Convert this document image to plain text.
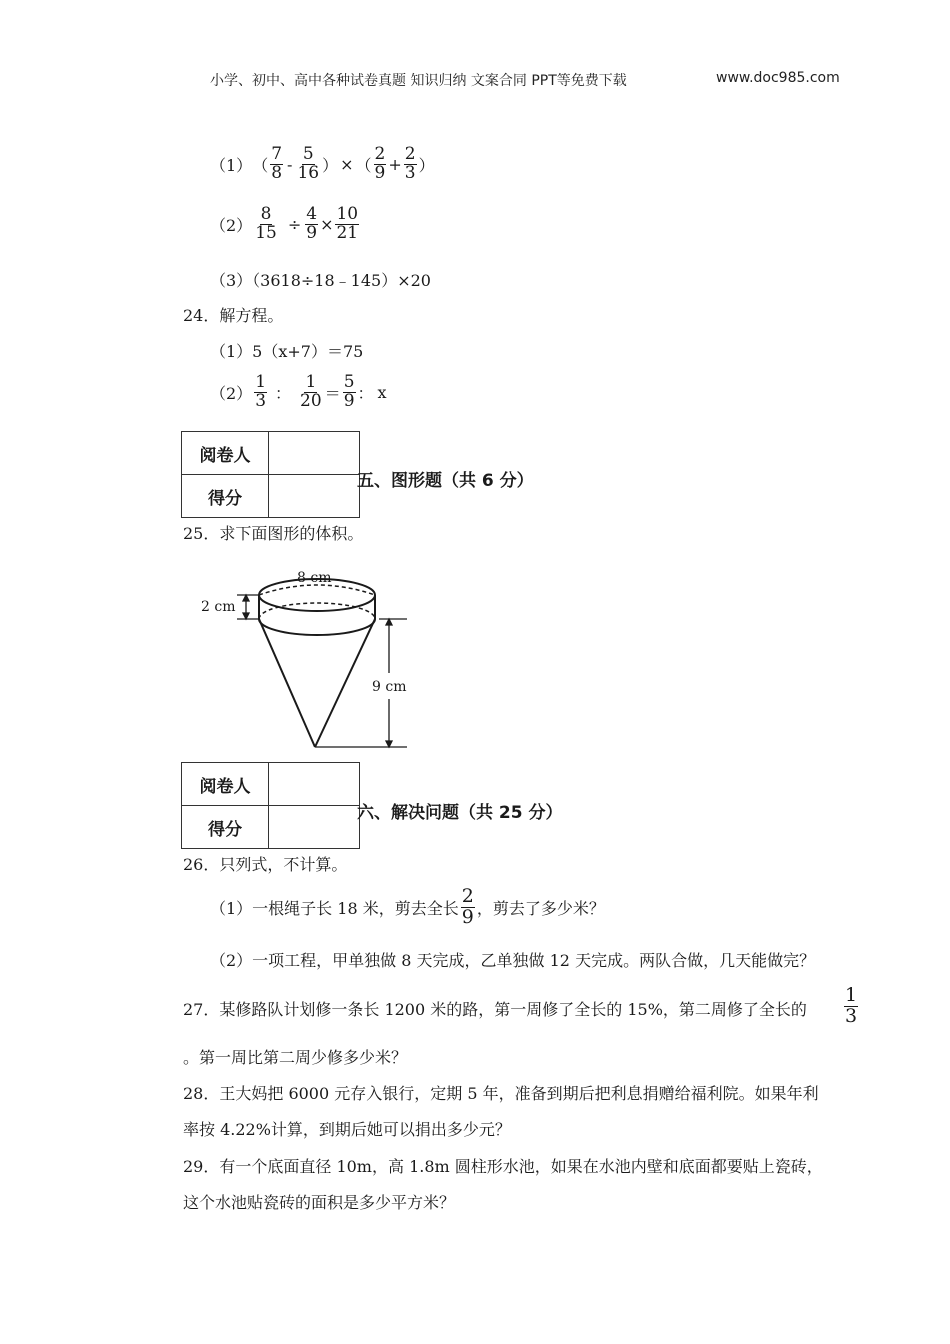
小学、初中、高中各种试卷真题 知识归纳 文案合同 PPT等免费下载	www.doc985.com
（1） （ $\frac{7}{8} - \frac{5}{16}$ ） × （ $\frac{2}{9} + \frac{2}{3}$ ）
$(2) \frac{8}{15} \div \frac{4}{9} \times \frac{10}{21}$
（3）（3618÷18﹣145）×20
24．解方程。
（1）5（x+7）＝75
$(2) \frac{1}{3}$ ： $\frac{1}{20} = \frac{5}{9}$ ： x
阅卷人	
得分	
五、图形题（共 6 分）
25．求下面图形的体积。
8 cm
2 cm
9 cm
阅卷人	
得分	
六、解决问题（共 25 分）
26．只列式，不计算。
（1）一根绳子长 18 米，剪去全长 $\frac{2}{9}$ ，剪去了多少米？
（2）一项工程，甲单独做 8 天完成，乙单独做 12 天完成。两队合做，几天能做完？
27．某修路队计划修一条长 1200 米的路，第一周修了全长的 15%，第二周修了全长的 $\frac{1}{3}$
。第一周比第二周少修多少米？
28．王大妈把 6000 元存入银行，定期 5 年，准备到期后把利息捐赠给福利院。如果年利
率按 4.22%计算，到期后她可以捐出多少元？
29．有一个底面直径 10m，高 1.8m 圆柱形水池，如果在水池内壁和底面都要贴上瓷砖，
这个水池贴瓷砖的面积是多少平方米？
